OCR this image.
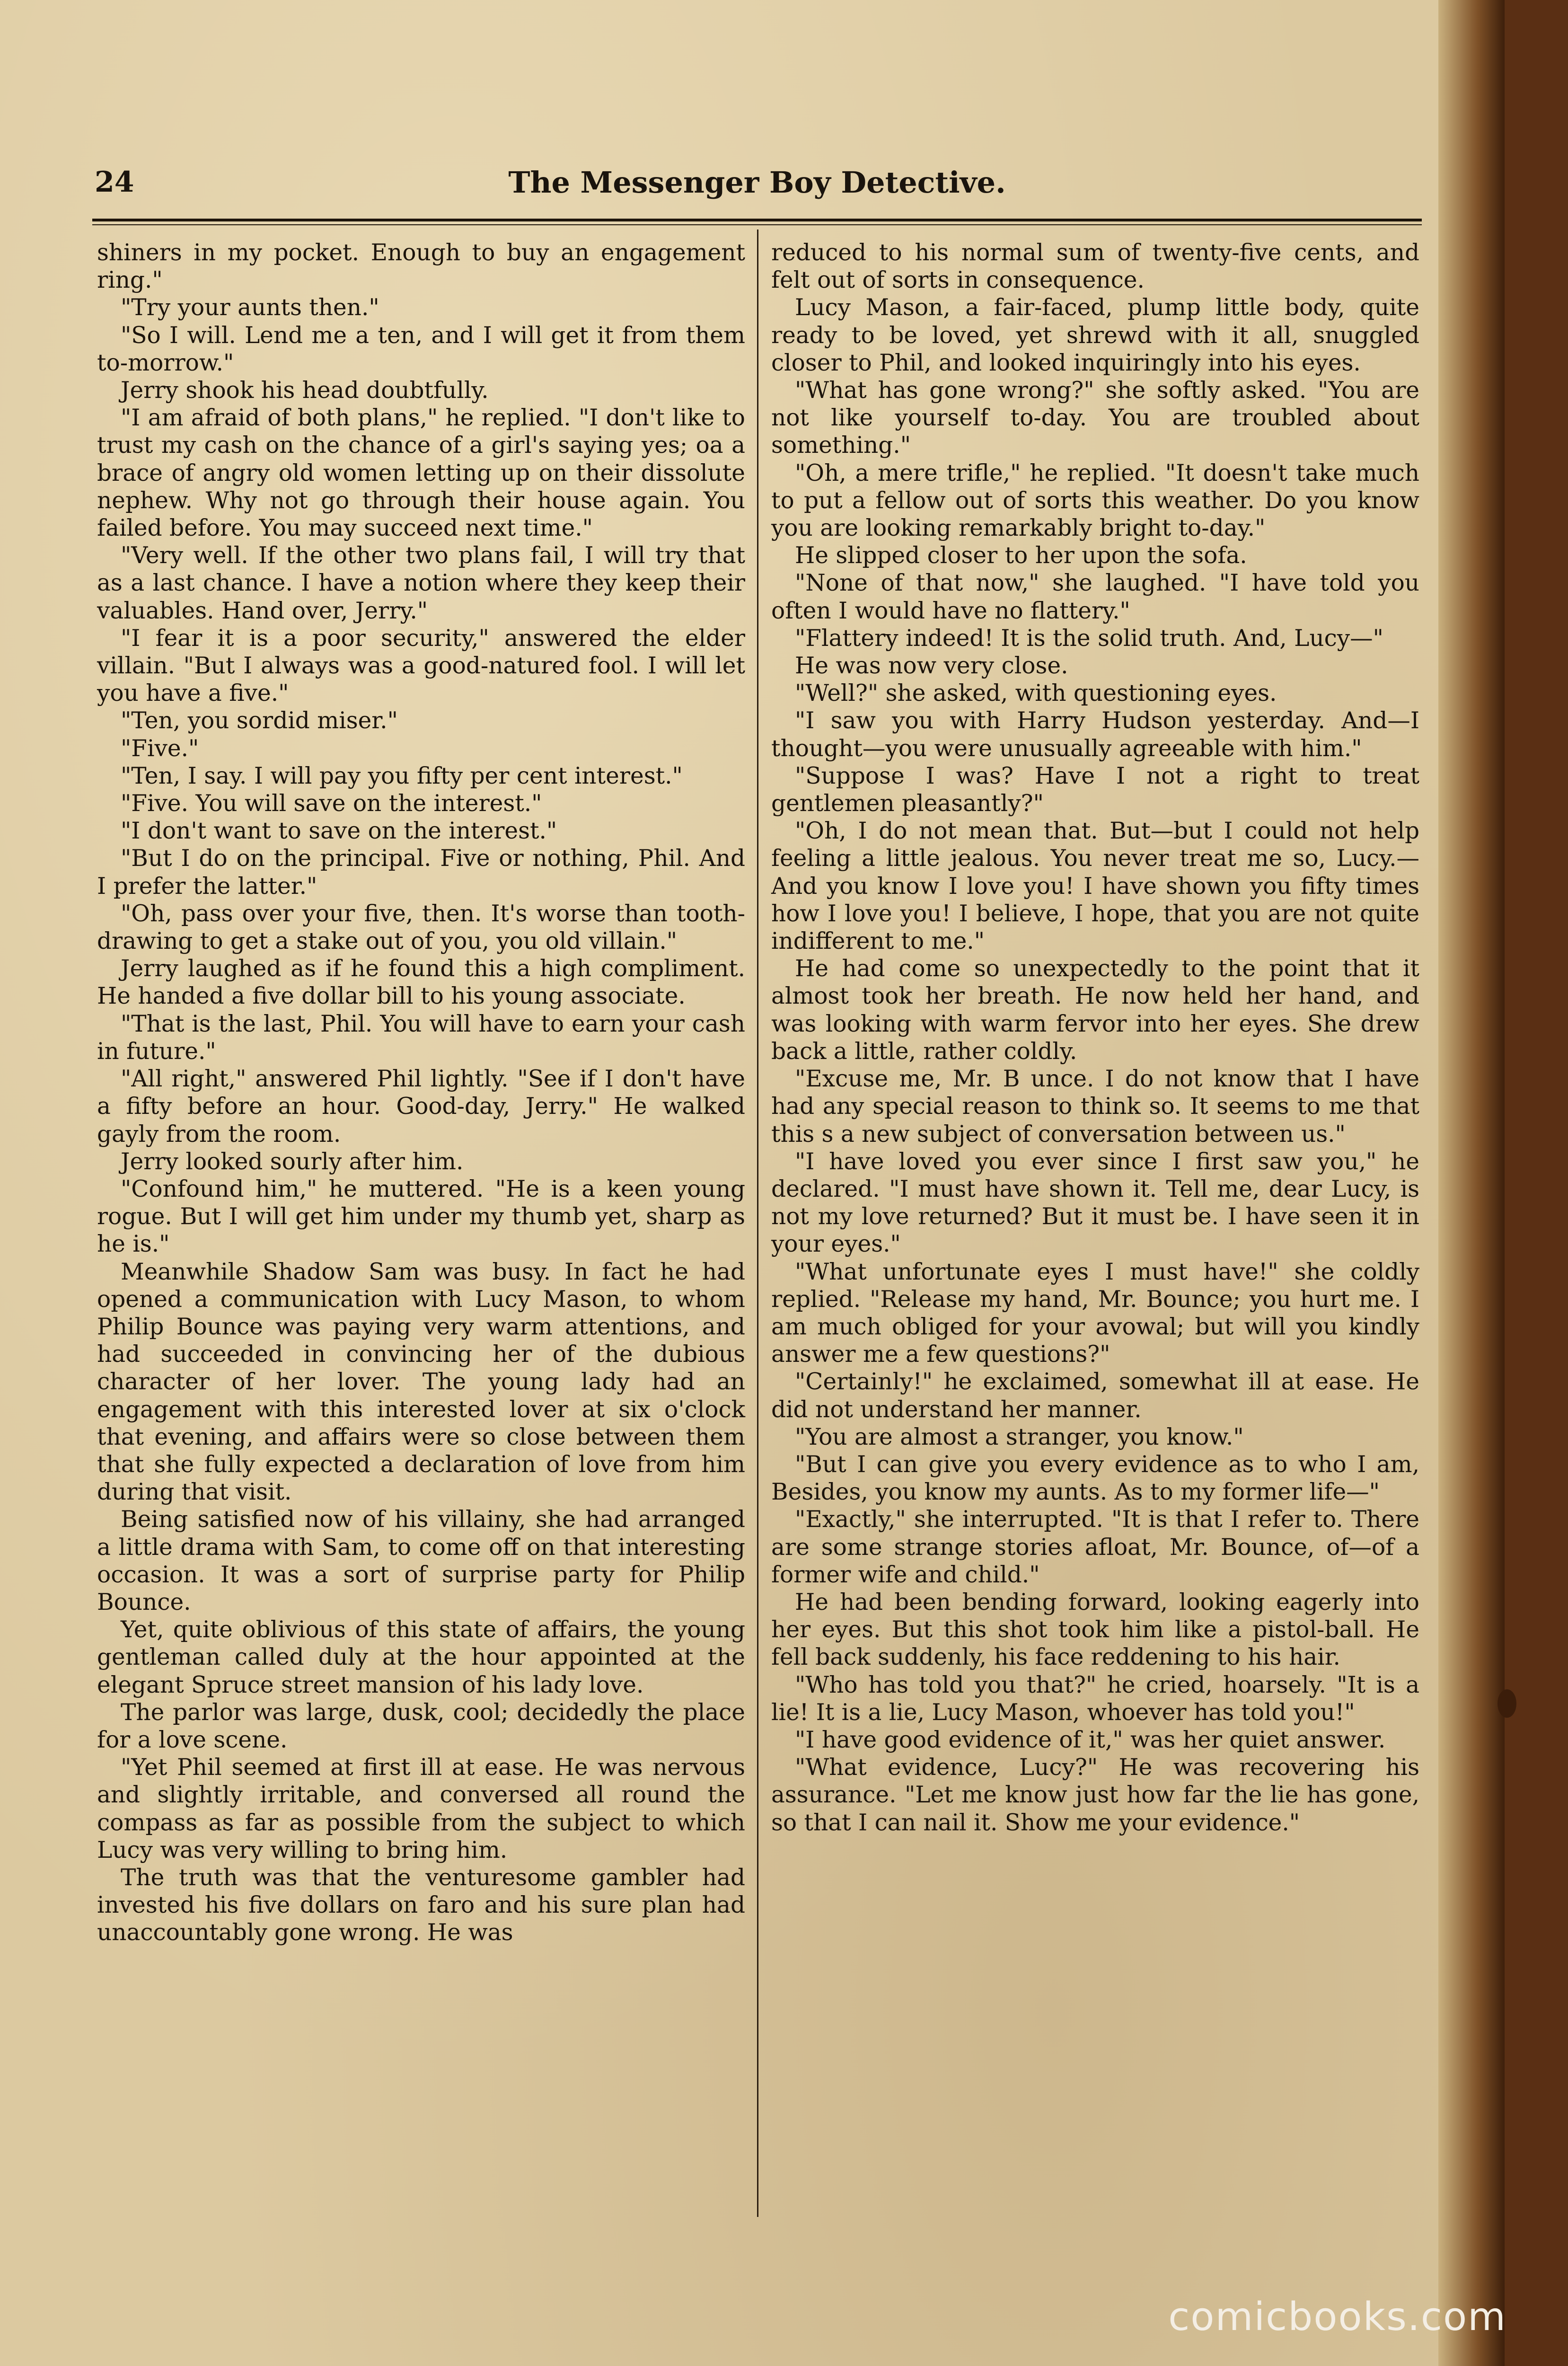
24	The Messenger Boy Detective.

shiners in my pocket. Enough to buy an engagement ring."

"Try your aunts then."

"So I will. Lend me a ten, and I will get it from them to-morrow."

Jerry shook his head doubtfully.

"I am afraid of both plans," he replied. "I don't like to trust my cash on the chance of a girl's saying yes; oa a brace of angry old women letting up on their dissolute nephew. Why not go through their house again. You failed before. You may succeed next time."

"Very well. If the other two plans fail, I will try that as a last chance. I have a notion where they keep their valuables. Hand over, Jerry."

"I fear it is a poor security," answered the elder villain. "But I always was a good-natured fool. I will let you have a five."

"Ten, you sordid miser."

"Five."

"Ten, I say. I will pay you fifty per cent interest."

"Five. You will save on the interest."

"I don't want to save on the interest."

"But I do on the principal. Five or nothing, Phil. And I prefer the latter."

"Oh, pass over your five, then. It's worse than tooth-drawing to get a stake out of you, you old villain."

Jerry laughed as if he found this a high compliment. He handed a five dollar bill to his young associate.

"That is the last, Phil. You will have to earn your cash in future."

"All right," answered Phil lightly. "See if I don't have a fifty before an hour. Good-day, Jerry." He walked gayly from the room.

Jerry looked sourly after him.

"Confound him," he muttered. "He is a keen young rogue. But I will get him under my thumb yet, sharp as he is."

Meanwhile Shadow Sam was busy. In fact he had opened a communication with Lucy Mason, to whom Philip Bounce was paying very warm attentions, and had succeeded in convincing her of the dubious character of her lover. The young lady had an engagement with this interested lover at six o'clock that evening, and affairs were so close between them that she fully expected a declaration of love from him during that visit.

Being satisfied now of his villainy, she had arranged a little drama with Sam, to come off on that interesting occasion. It was a sort of surprise party for Philip Bounce.

Yet, quite oblivious of this state of affairs, the young gentleman called duly at the hour appointed at the elegant Spruce street mansion of his lady love.

The parlor was large, dusk, cool; decidedly the place for a love scene.

"Yet Phil seemed at first ill at ease. He was nervous and slightly irritable, and conversed all round the compass as far as possible from the subject to which Lucy was very willing to bring him.

The truth was that the venturesome gambler had invested his five dollars on faro and his sure plan had unaccountably gone wrong. He was

reduced to his normal sum of twenty-five cents, and felt out of sorts in consequence.

Lucy Mason, a fair-faced, plump little body, quite ready to be loved, yet shrewd with it all, snuggled closer to Phil, and looked inquiringly into his eyes.

"What has gone wrong?" she softly asked. "You are not like yourself to-day. You are troubled about something."

"Oh, a mere trifle," he replied. "It doesn't take much to put a fellow out of sorts this weather. Do you know you are looking remarkably bright to-day."

He slipped closer to her upon the sofa.

"None of that now," she laughed. "I have told you often I would have no flattery."

"Flattery indeed! It is the solid truth. And, Lucy—"

He was now very close.

"Well?" she asked, with questioning eyes.

"I saw you with Harry Hudson yesterday. And—I thought—you were unusually agreeable with him."

"Suppose I was? Have I not a right to treat gentlemen pleasantly?"

"Oh, I do not mean that. But—but I could not help feeling a little jealous. You never treat me so, Lucy.—And you know I love you! I have shown you fifty times how I love you! I believe, I hope, that you are not quite indifferent to me."

He had come so unexpectedly to the point that it almost took her breath. He now held her hand, and was looking with warm fervor into her eyes. She drew back a little, rather coldly.

"Excuse me, Mr. B unce. I do not know that I have had any special reason to think so. It seems to me that this s a new subject of conversation between us."

"I have loved you ever since I first saw you," he declared. "I must have shown it. Tell me, dear Lucy, is not my love returned? But it must be. I have seen it in your eyes."

"What unfortunate eyes I must have!" she coldly replied. "Release my hand, Mr. Bounce; you hurt me. I am much obliged for your avowal; but will you kindly answer me a few questions?"

"Certainly!" he exclaimed, somewhat ill at ease. He did not understand her manner.

"You are almost a stranger, you know."

"But I can give you every evidence as to who I am, Besides, you know my aunts. As to my former life—"

"Exactly," she interrupted. "It is that I refer to. There are some strange stories afloat, Mr. Bounce, of—of a former wife and child."

He had been bending forward, looking eagerly into her eyes. But this shot took him like a pistol-ball. He fell back suddenly, his face reddening to his hair.

"Who has told you that?" he cried, hoarsely. "It is a lie! It is a lie, Lucy Mason, whoever has told you!"

"I have good evidence of it," was her quiet answer.

"What evidence, Lucy?" He was recovering his assurance. "Let me know just how far the lie has gone, so that I can nail it. Show me your evidence."

comicbooks.com
